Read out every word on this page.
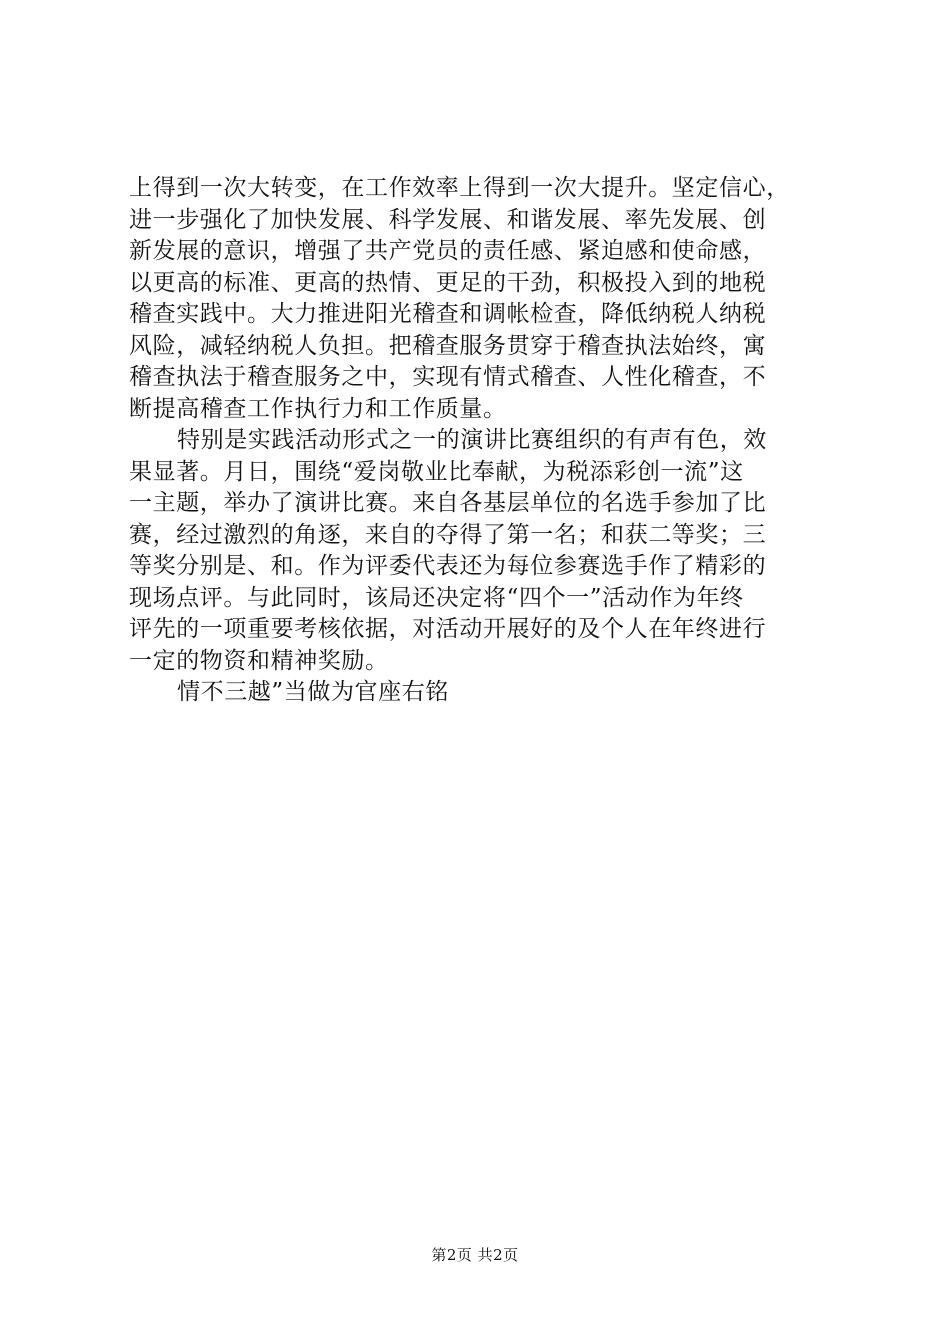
上得到一次大转变，在工作效率上得到一次大提升。坚定信心，
进一步强化了加快发展、科学发展、和谐发展、率先发展、创
新发展的意识，增强了共产党员的责任感、紧迫感和使命感，
以更高的标准、更高的热情、更足的干劲，积极投入到的地税
稽查实践中。大力推进阳光稽查和调帐检查，降低纳税人纳税
风险，减轻纳税人负担。把稽查服务贯穿于稽查执法始终，寓
稽查执法于稽查服务之中，实现有情式稽查、人性化稽查，不
断提高稽查工作执行力和工作质量。
特别是实践活动形式之一的演讲比赛组织的有声有色，效
果显著。月日，围绕“爱岗敬业比奉献，为税添彩创一流”这
一主题，举办了演讲比赛。来自各基层单位的名选手参加了比
赛，经过激烈的角逐，来自的夺得了第一名；和获二等奖；三
等奖分别是、和。作为评委代表还为每位参赛选手作了精彩的
现场点评。与此同时，该局还决定将“四个一”活动作为年终
评先的一项重要考核依据，对活动开展好的及个人在年终进行
一定的物资和精神奖励。
情不三越”当做为官座右铭
第2页 共2页
